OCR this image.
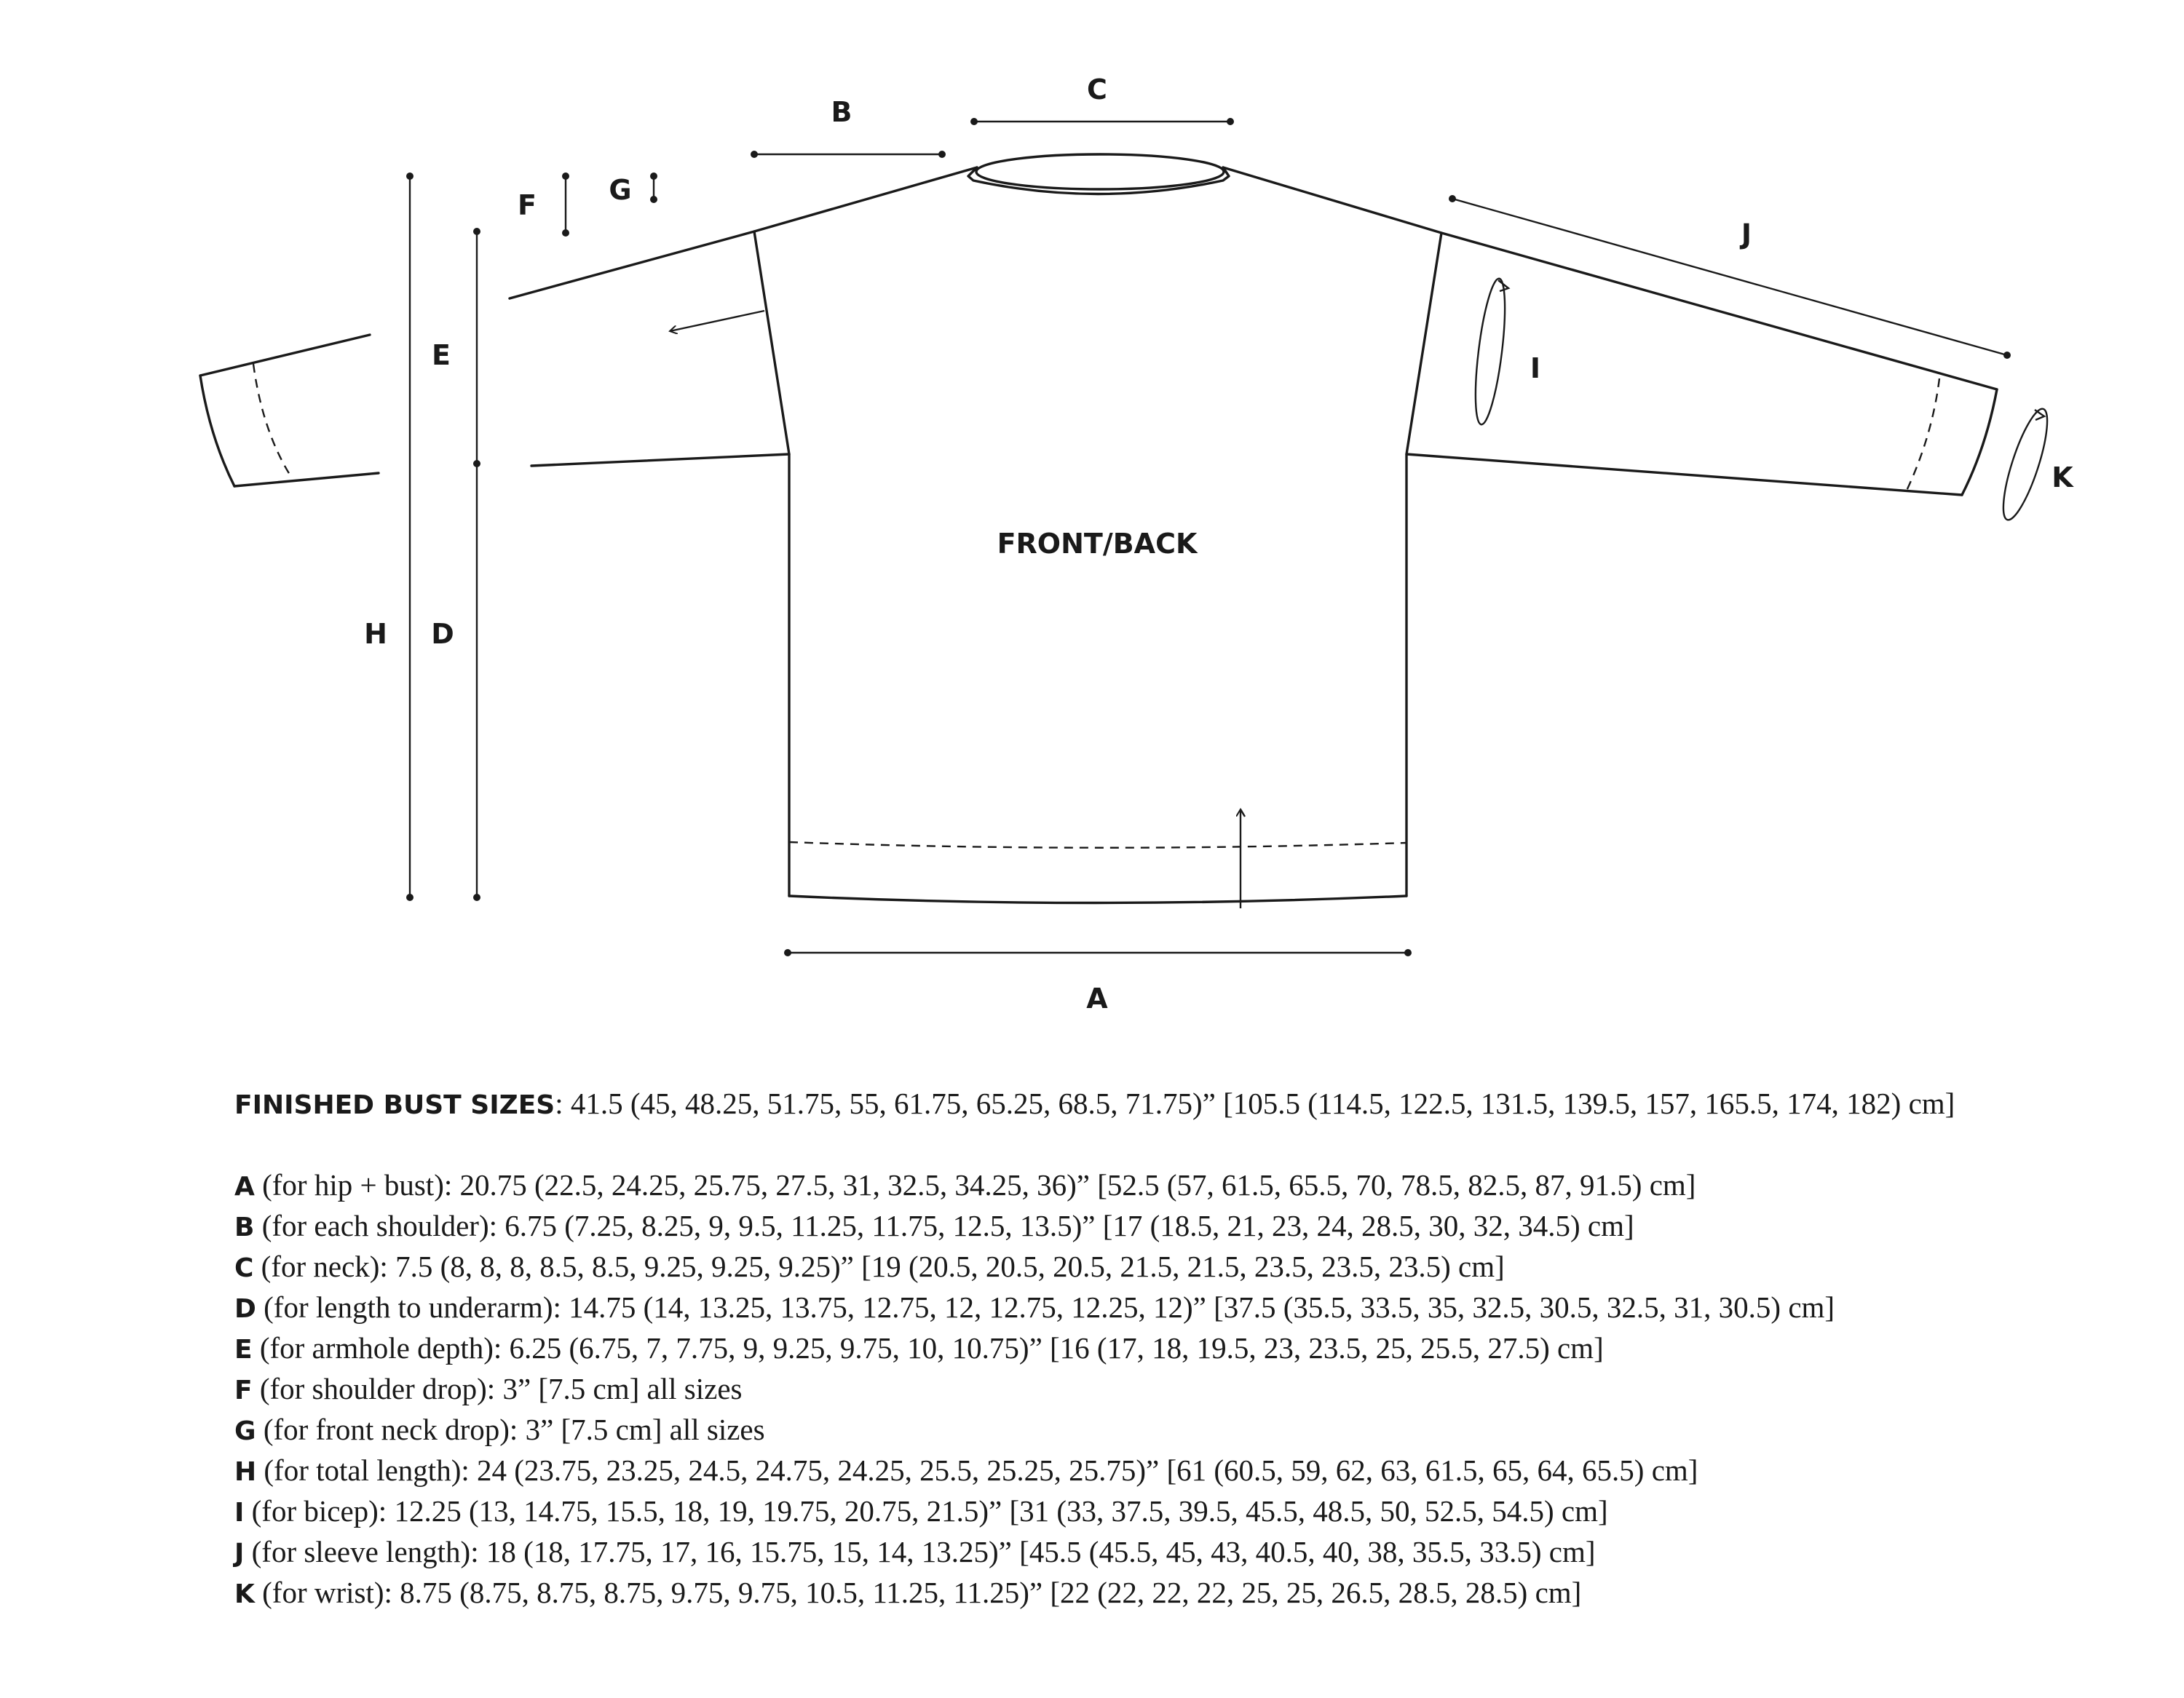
A
B
C
D
E
F	G
H
I
J
K
FRONT/BACK
FINISHED BUST SIZES: 41.5 (45, 48.25, 51.75, 55, 61.75, 65.25, 68.5, 71.75)” [105.5 (114.5, 122.5, 131.5, 139.5, 157, 165.5, 174, 182) cm]
A (for hip + bust): 20.75 (22.5, 24.25, 25.75, 27.5, 31, 32.5, 34.25, 36)” [52.5 (57, 61.5, 65.5, 70, 78.5, 82.5, 87, 91.5) cm]
B (for each shoulder): 6.75 (7.25, 8.25, 9, 9.5, 11.25, 11.75, 12.5, 13.5)” [17 (18.5, 21, 23, 24, 28.5, 30, 32, 34.5) cm]
C (for neck): 7.5 (8, 8, 8, 8.5, 8.5, 9.25, 9.25, 9.25)” [19 (20.5, 20.5, 20.5, 21.5, 21.5, 23.5, 23.5, 23.5) cm]
D (for length to underarm): 14.75 (14, 13.25, 13.75, 12.75, 12, 12.75, 12.25, 12)” [37.5 (35.5, 33.5, 35, 32.5, 30.5, 32.5, 31, 30.5) cm]
E (for armhole depth): 6.25 (6.75, 7, 7.75, 9, 9.25, 9.75, 10, 10.75)” [16 (17, 18, 19.5, 23, 23.5, 25, 25.5, 27.5) cm]
F (for shoulder drop): 3” [7.5 cm] all sizes
G (for front neck drop): 3” [7.5 cm] all sizes
H (for total length): 24 (23.75, 23.25, 24.5, 24.75, 24.25, 25.5, 25.25, 25.75)” [61 (60.5, 59, 62, 63, 61.5, 65, 64, 65.5) cm]
I (for bicep): 12.25 (13, 14.75, 15.5, 18, 19, 19.75, 20.75, 21.5)” [31 (33, 37.5, 39.5, 45.5, 48.5, 50, 52.5, 54.5) cm]
J (for sleeve length): 18 (18, 17.75, 17, 16, 15.75, 15, 14, 13.25)” [45.5 (45.5, 45, 43, 40.5, 40, 38, 35.5, 33.5) cm]
K (for wrist): 8.75 (8.75, 8.75, 8.75, 9.75, 9.75, 10.5, 11.25, 11.25)” [22 (22, 22, 22, 25, 25, 26.5, 28.5, 28.5) cm]
